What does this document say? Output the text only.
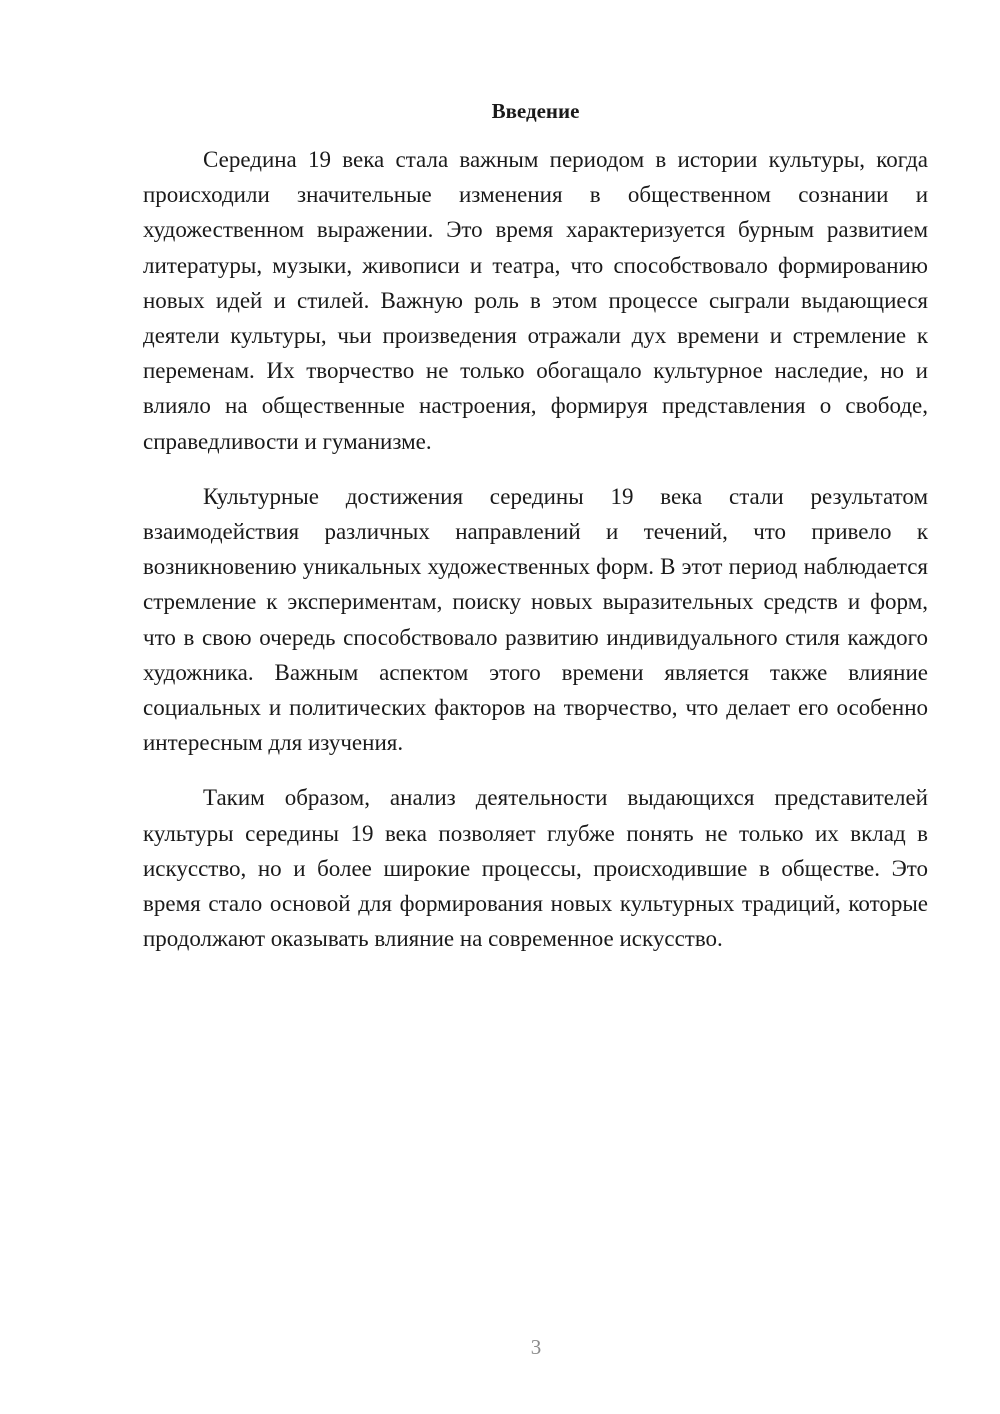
Введение

Середина 19 века стала важным периодом в истории культуры, когда происходили значительные изменения в общественном сознании и художественном выражении. Это время характеризуется бурным развитием литературы, музыки, живописи и театра, что способствовало формированию новых идей и стилей. Важную роль в этом процессе сыграли выдающиеся деятели культуры, чьи произведения отражали дух времени и стремление к переменам. Их творчество не только обогащало культурное наследие, но и влияло на общественные настроения, формируя представления о свободе, справедливости и гуманизме.

Культурные достижения середины 19 века стали результатом взаимодействия различных направлений и течений, что привело к возникновению уникальных художественных форм. В этот период наблюдается стремление к экспериментам, поиску новых выразительных средств и форм, что в свою очередь способствовало развитию индивидуального стиля каждого художника. Важным аспектом этого времени является также влияние социальных и политических факторов на творчество, что делает его особенно интересным для изучения.

Таким образом, анализ деятельности выдающихся представителей культуры середины 19 века позволяет глубже понять не только их вклад в искусство, но и более широкие процессы, происходившие в обществе. Это время стало основой для формирования новых культурных традиций, которые продолжают оказывать влияние на современное искусство.

3
